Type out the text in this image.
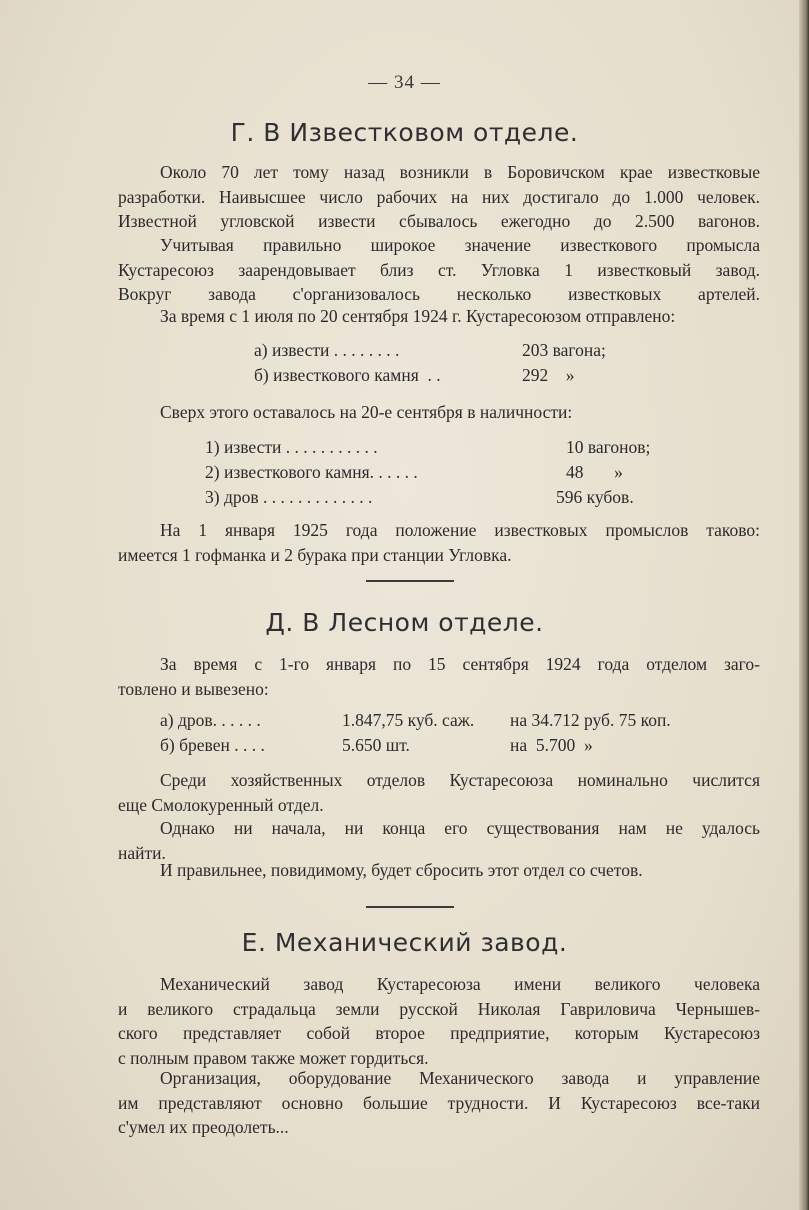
— 34 —
Г. В Известковом отделе.
Около 70 лет тому назад возникли в Боровичском крае известковые
разработки. Наивысшее число рабочих на них достигало до 1.000 человек.
Известной угловской извести сбывалось ежегодно до 2.500 вагонов.
Учитывая правильно широкое значение известкового промысла
Кустаресоюз заарендовывает близ ст. Угловка 1 известковый завод.
Вокруг завода с'организовалось несколько известковых артелей.
За время с 1 июля по 20 сентября 1924 г. Кустаресоюзом отправлено:
а) извести . . . . . . . .	203 вагона;
б) известкового камня  . .	292    »
Сверх этого оставалось на 20-е сентября в наличности:
1) извести . . . . . . . . . . .	10 вагонов;
2) известкового камня. . . . . .	48       »
3) дров . . . . . . . . . . . . .	596 кубов.
На 1 января 1925 года положение известковых промыслов таково:
имеется 1 гофманка и 2 бурака при станции Угловка.
Д. В Лесном отделе.
За время с 1-го января по 15 сентября 1924 года отделом заго-
товлено и вывезено:
а) дров. . . . . .	1.847,75 куб. саж. на 34.712 руб. 75 коп.
б) бревен . . . .	5.650 шт.	на  5.700  »
Среди хозяйственных отделов Кустаресоюза номинально числится
еще Смолокуренный отдел.
Однако ни начала, ни конца его существования нам не удалось
найти.
И правильнее, повидимому, будет сбросить этот отдел со счетов.
Е. Механический завод.
Механический завод Кустаресоюза имени великого человека
и великого страдальца земли русской Николая Гавриловича Чернышев-
ского представляет собой второе предприятие, которым Кустаресоюз
с полным правом также может гордиться.
Организация, оборудование Механического завода и управление
им представляют основно большие трудности. И Кустаресоюз все-таки
с'умел их преодолеть...
